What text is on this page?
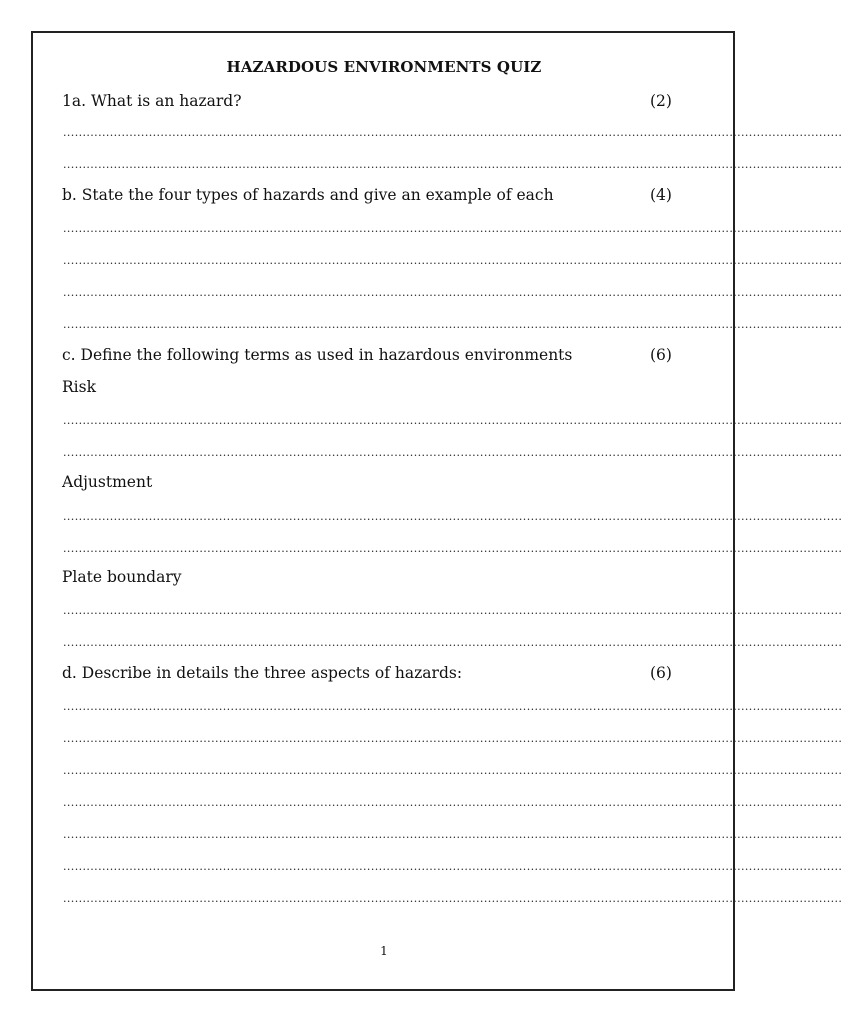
HAZARDOUS ENVIRONMENTS QUIZ
1a. What is an hazard?	(2)
........................................................................................................................................................................................................
........................................................................................................................................................................................................
b. State the four types of hazards and give an example of each	(4)
........................................................................................................................................................................................................
........................................................................................................................................................................................................
........................................................................................................................................................................................................
........................................................................................................................................................................................................
c. Define the following terms as used in hazardous environments	(6)
Risk
........................................................................................................................................................................................................
........................................................................................................................................................................................................
Adjustment
........................................................................................................................................................................................................
........................................................................................................................................................................................................
Plate boundary
........................................................................................................................................................................................................
........................................................................................................................................................................................................
d. Describe in details the three aspects of hazards:	(6)
........................................................................................................................................................................................................
........................................................................................................................................................................................................
........................................................................................................................................................................................................
........................................................................................................................................................................................................
........................................................................................................................................................................................................
........................................................................................................................................................................................................
........................................................................................................................................................................................................
1
